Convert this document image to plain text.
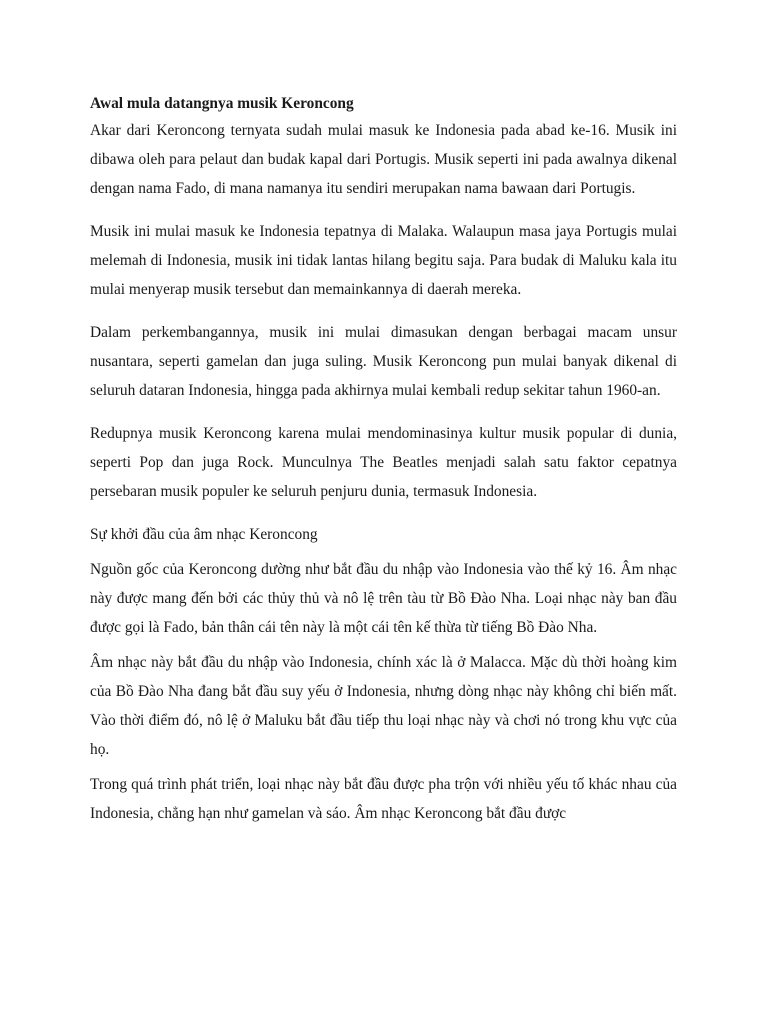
Awal mula datangnya musik Keroncong

Akar dari Keroncong ternyata sudah mulai masuk ke Indonesia pada abad ke-16. Musik ini dibawa oleh para pelaut dan budak kapal dari Portugis. Musik seperti ini pada awalnya dikenal dengan nama Fado, di mana namanya itu sendiri merupakan nama bawaan dari Portugis.

Musik ini mulai masuk ke Indonesia tepatnya di Malaka. Walaupun masa jaya Portugis mulai melemah di Indonesia, musik ini tidak lantas hilang begitu saja. Para budak di Maluku kala itu mulai menyerap musik tersebut dan memainkannya di daerah mereka.

Dalam perkembangannya, musik ini mulai dimasukan dengan berbagai macam unsur nusantara, seperti gamelan dan juga suling. Musik Keroncong pun mulai banyak dikenal di seluruh dataran Indonesia, hingga pada akhirnya mulai kembali redup sekitar tahun 1960-an.

Redupnya musik Keroncong karena mulai mendominasinya kultur musik popular di dunia, seperti Pop dan juga Rock. Munculnya The Beatles menjadi salah satu faktor cepatnya persebaran musik populer ke seluruh penjuru dunia, termasuk Indonesia.

Sự khởi đầu của âm nhạc Keroncong

Nguồn gốc của Keroncong dường như bắt đầu du nhập vào Indonesia vào thế kỷ 16. Âm nhạc này được mang đến bởi các thủy thủ và nô lệ trên tàu từ Bồ Đào Nha. Loại nhạc này ban đầu được gọi là Fado, bản thân cái tên này là một cái tên kế thừa từ tiếng Bồ Đào Nha.

Âm nhạc này bắt đầu du nhập vào Indonesia, chính xác là ở Malacca. Mặc dù thời hoàng kim của Bồ Đào Nha đang bắt đầu suy yếu ở Indonesia, nhưng dòng nhạc này không chỉ biến mất. Vào thời điểm đó, nô lệ ở Maluku bắt đầu tiếp thu loại nhạc này và chơi nó trong khu vực của họ.

Trong quá trình phát triển, loại nhạc này bắt đầu được pha trộn với nhiều yếu tố khác nhau của Indonesia, chẳng hạn như gamelan và sáo. Âm nhạc Keroncong bắt đầu được
